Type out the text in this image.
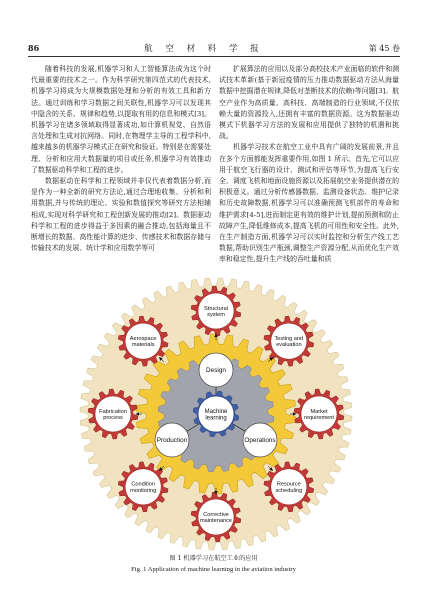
86	航 空 材 料 学 报	第 45 卷

随着科技的发展,机器学习和人工智能算法成为这个时代最重要的技术之一。作为科学研究第四范式的代表技术,机器学习将成为大规模数据处理和分析的有效工具和新方法。通过训练和学习数据之间关联性,机器学习可以发现其中隐含的关系、规律和趋势,以提取有用的信息和模式[3]。机器学习在诸多领域取得显著成功,如计算机视觉、自然语言处理和生成对抗网络。同时,在物理学主导的工程学科中,越来越多的机器学习模式正在研究和验证。特别是在需要处理、分析和应用大数据量的项目或任务,机器学习有效推动了数据驱动科学和工程的进步。

数据驱动在科学和工程领域并非仅代表着数据分析,而是作为一种全新的研究方法论,通过合理地收集、分析和利用数据,并与传统的理论、实验和数值探究等研究方法相辅相成,实现对科学研究和工程创新发展的推动[2]。数据驱动科学和工程的进步得益于多因素的融合推动,包括海量且不断增长的数据、高性能计算的进步、传感技术和数据存储与传输技术的发展、统计学和应用数学等可

扩展算法的应用以及部分高校技术产业面临的软件和测试技术革新(基于新冠疫情的压力推动数据驱动方法从海量数据中挖掘潜在规律,降低对垄断技术的依赖)等问题[3]。航空产业作为高质量、高科技、高端制造的行业领域,不仅依赖大量的资源投入,还拥有丰富的数据资源。这为数据驱动模式下机器学习方法的发展和应用提供了独特的机遇和挑战。

机器学习技术在航空工业中具有广阔的发展前景,并且在多个方面都能发挥重要作用,如图 1 所示。首先,它可以应用于航空飞行器的设计、测试和评估等环节,为提高飞行安全、调度飞机和地面设施资源以及拓展航空业务提供潜在的积极意义。通过分析传感器数据、监测设备状态、维护记录和历史故障数据,机器学习可以准确预测飞机部件的寿命和维护需求[4-5],进而制定更有效的维护计划,提前预测和防止故障产生,降低维修成本,提高飞机的可用性和安全性。此外,在生产制造方面,机器学习可以实时监控和分析生产线工艺数据,帮助识别生产瓶颈,调整生产资源分配,从而优化生产效率和稳定性,提升生产线的吞吐量和质

Design
Operations
Production
Machine learning
Structural system
Testing and evaluation
Market requirement
Resource scheduling
Corrective maintenance
Condition monitoring
Fabrication process
Aerospace materials
图 1 机器学习在航空工业的应用
Fig. 1 Application of machine learning in the aviation industry
